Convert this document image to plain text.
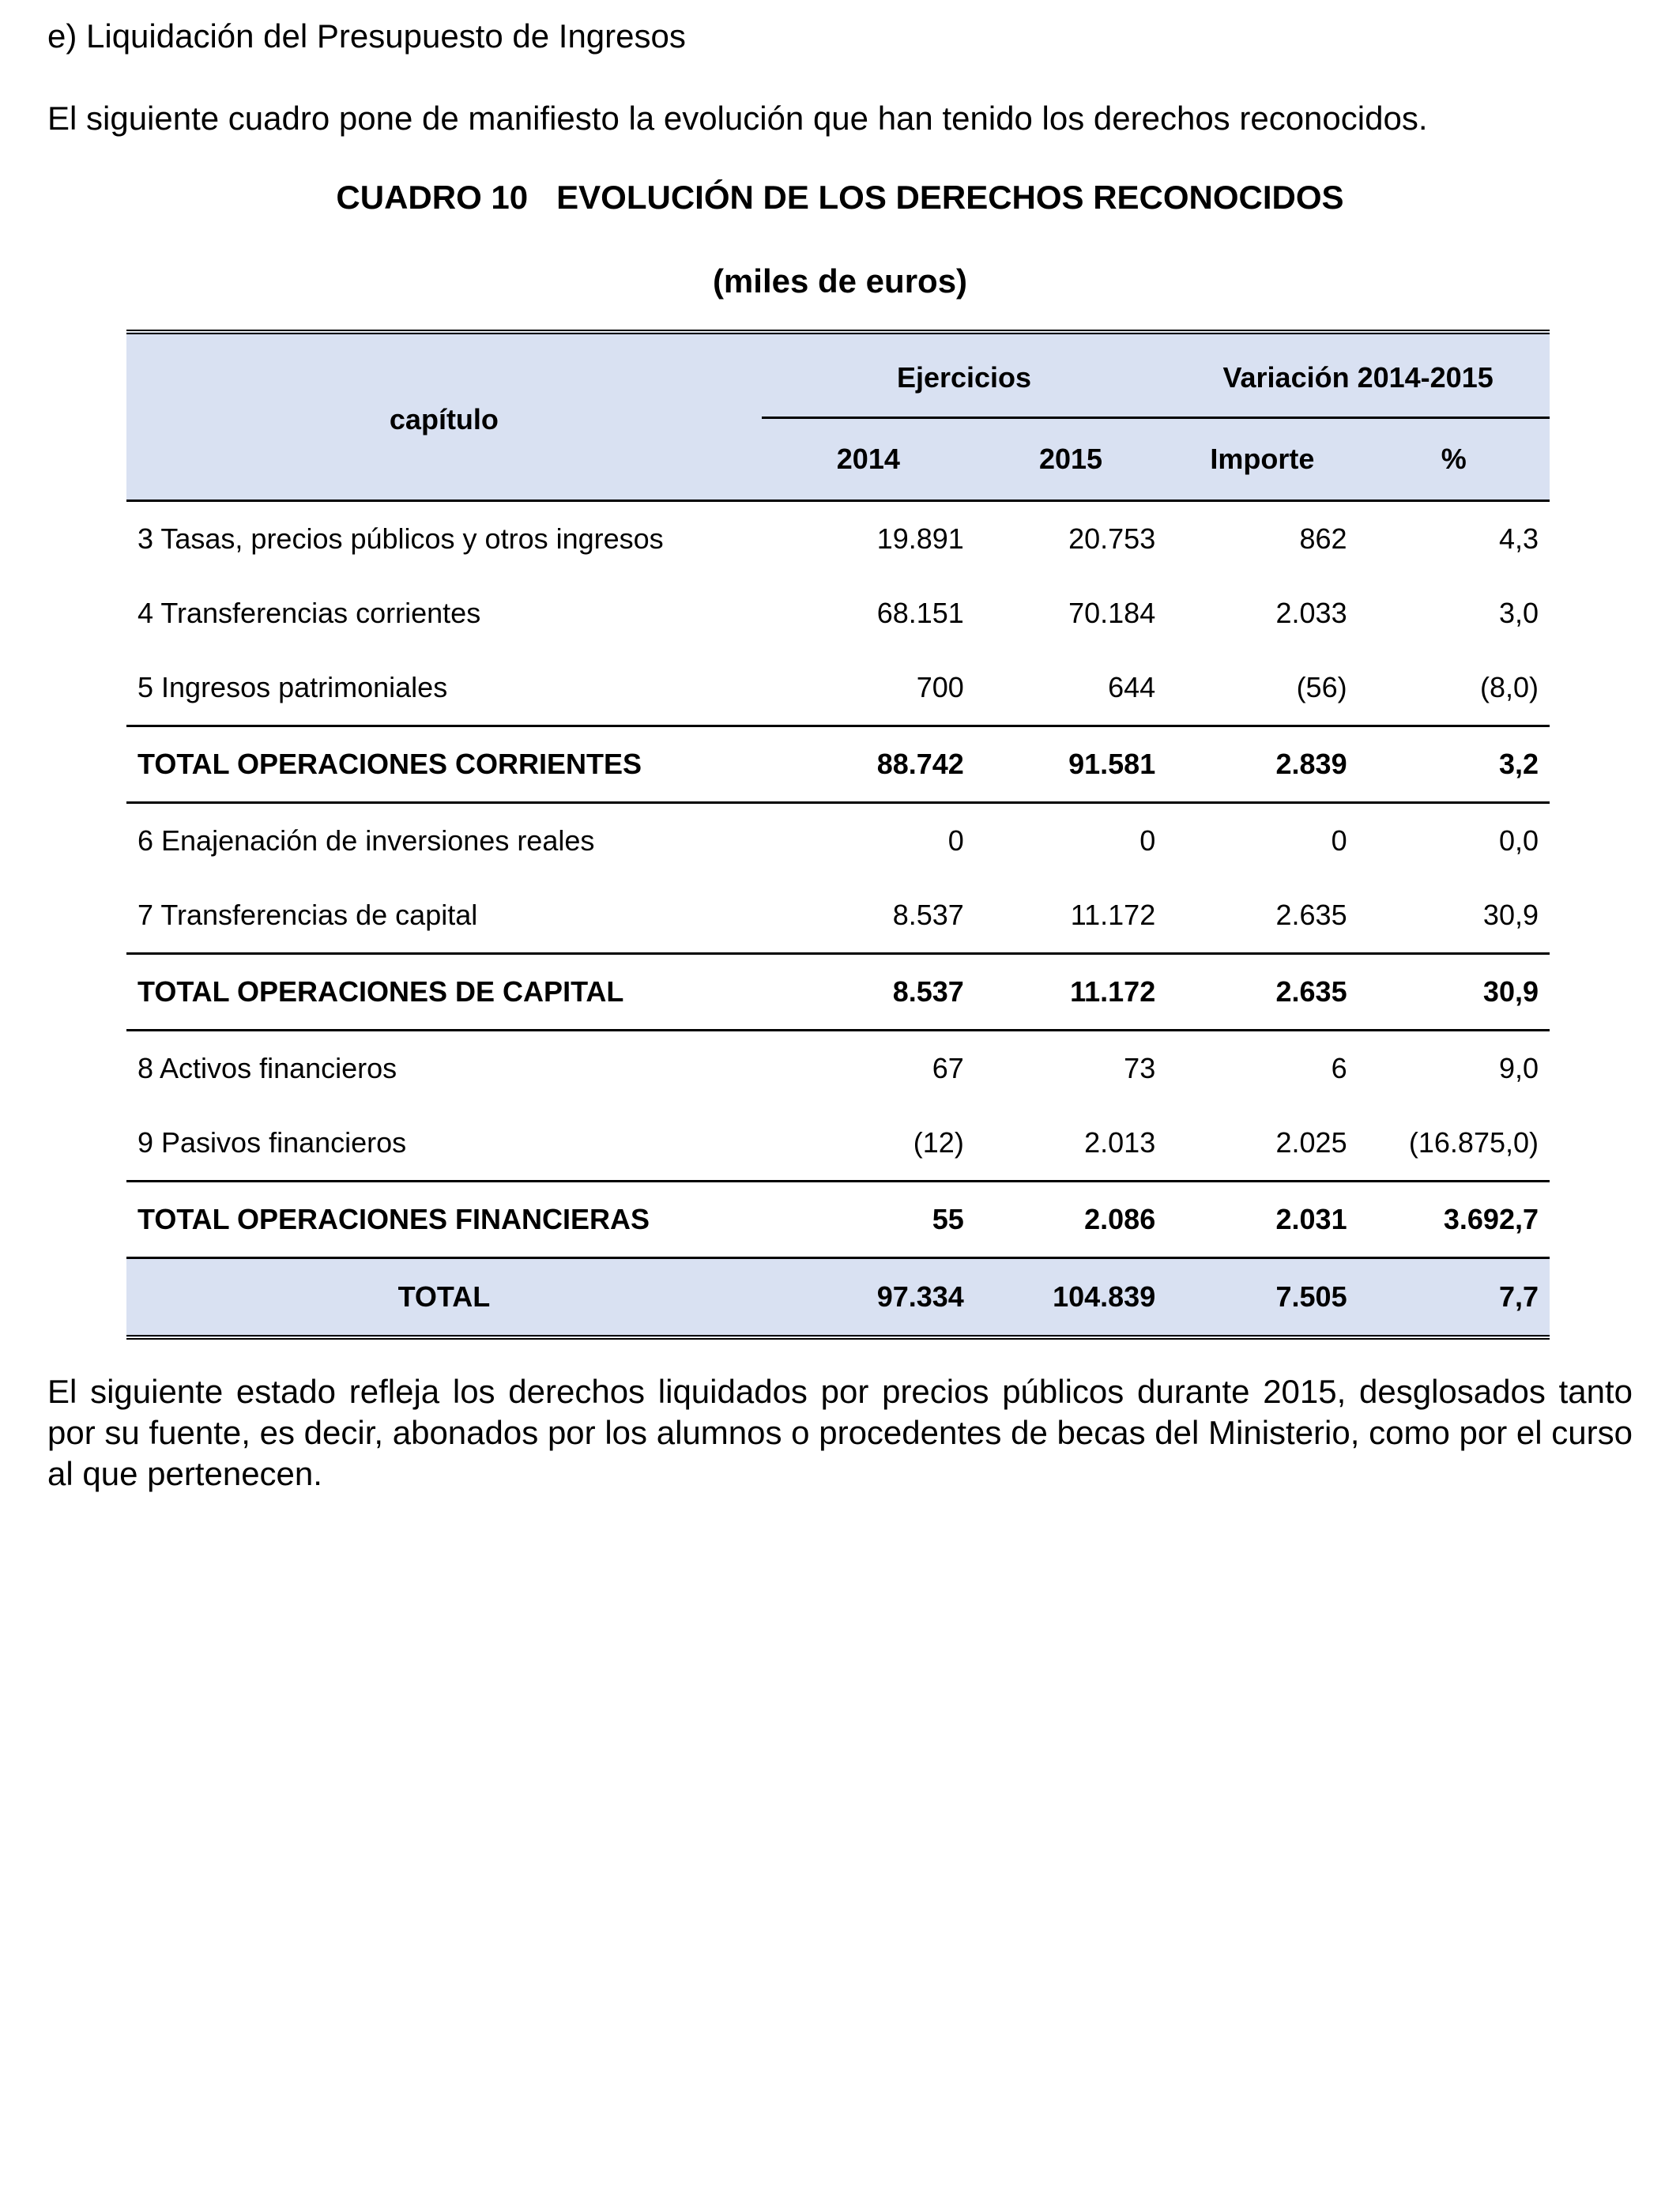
e) Liquidación del Presupuesto de Ingresos

El siguiente cuadro pone de manifiesto la evolución que han tenido los derechos reconocidos.

CUADRO 10 EVOLUCIÓN DE LOS DERECHOS RECONOCIDOS

(miles de euros)

capítulo	Ejercicios		Variación 2014-2015	
	2014	2015	Importe	%
3 Tasas, precios públicos y otros ingresos	19.891	20.753	862	4,3
4 Transferencias corrientes	68.151	70.184	2.033	3,0
5 Ingresos patrimoniales	700	644	(56)	(8,0)
TOTAL OPERACIONES CORRIENTES	88.742	91.581	2.839	3,2
6 Enajenación de inversiones reales	0	0	0	0,0
7 Transferencias de capital	8.537	11.172	2.635	30,9
TOTAL OPERACIONES DE CAPITAL	8.537	11.172	2.635	30,9
8 Activos financieros	67	73	6	9,0
9 Pasivos financieros	(12)	2.013	2.025	(16.875,0)
TOTAL OPERACIONES FINANCIERAS	55	2.086	2.031	3.692,7
TOTAL	97.334	104.839	7.505	7,7

El siguiente estado refleja los derechos liquidados por precios públicos durante 2015, desglosados tanto por su fuente, es decir, abonados por los alumnos o procedentes de becas del Ministerio, como por el curso al que pertenecen.
